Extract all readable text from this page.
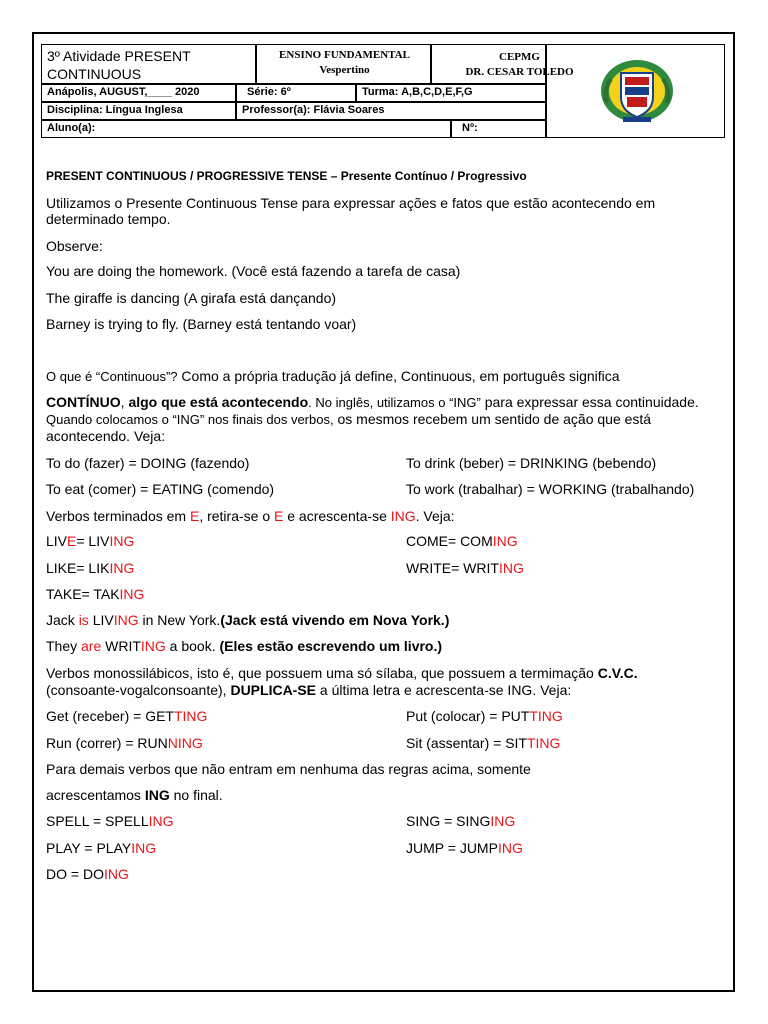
3º Atividade PRESENT
CONTINUOUS
ENSINO FUNDAMENTAL
Vespertino
CEPMG
DR. CESAR TOLEDO
Anápolis, AUGUST,____ 2020	Série: 6º	Turma: A,B,C,D,E,F,G
Disciplina: Língua Inglesa	Professor(a): Flávia Soares
Aluno(a):	Nº:
PRESENT CONTINUOUS / PROGRESSIVE TENSE – Presente Contínuo / Progressivo
Utilizamos o Presente Continuous Tense para expressar ações e fatos que estão acontecendo em
determinado tempo.
Observe:
You are doing the homework. (Você está fazendo a tarefa de casa)
The giraffe is dancing (A girafa está dançando)
Barney is trying to fly. (Barney está tentando voar)
O que é “Continuous”? Como a própria tradução já define, Continuous, em português significa
CONTÍNUO, algo que está acontecendo. No inglês, utilizamos o “ING” para expressar essa continuidade.
Quando colocamos o “ING” nos finais dos verbos, os mesmos recebem um sentido de ação que está
acontecendo. Veja:
To do (fazer) = DOING (fazendo)	To drink (beber) = DRINKING (bebendo)
To eat (comer) = EATING (comendo)	To work (trabalhar) = WORKING (trabalhando)
Verbos terminados em E, retira-se o E e acrescenta-se ING. Veja:
LIVE= LIVING	COME= COMING
LIKE= LIKING	WRITE= WRITING
TAKE= TAKING
Jack is LIVING in New York.(Jack está vivendo em Nova York.)
They are WRITING a book. (Eles estão escrevendo um livro.)
Verbos monossilábicos, isto é, que possuem uma só sílaba, que possuem a termimação C.V.C.
(consoante-vogalconsoante), DUPLICA-SE a última letra e acrescenta-se ING. Veja:
Get (receber) = GETTING	Put (colocar) = PUTTING
Run (correr) = RUNNING	Sit (assentar) = SITTING
Para demais verbos que não entram em nenhuma das regras acima, somente
acrescentamos ING no final.
SPELL = SPELLING	SING = SINGING
PLAY = PLAYING	JUMP = JUMPING
DO = DOING
